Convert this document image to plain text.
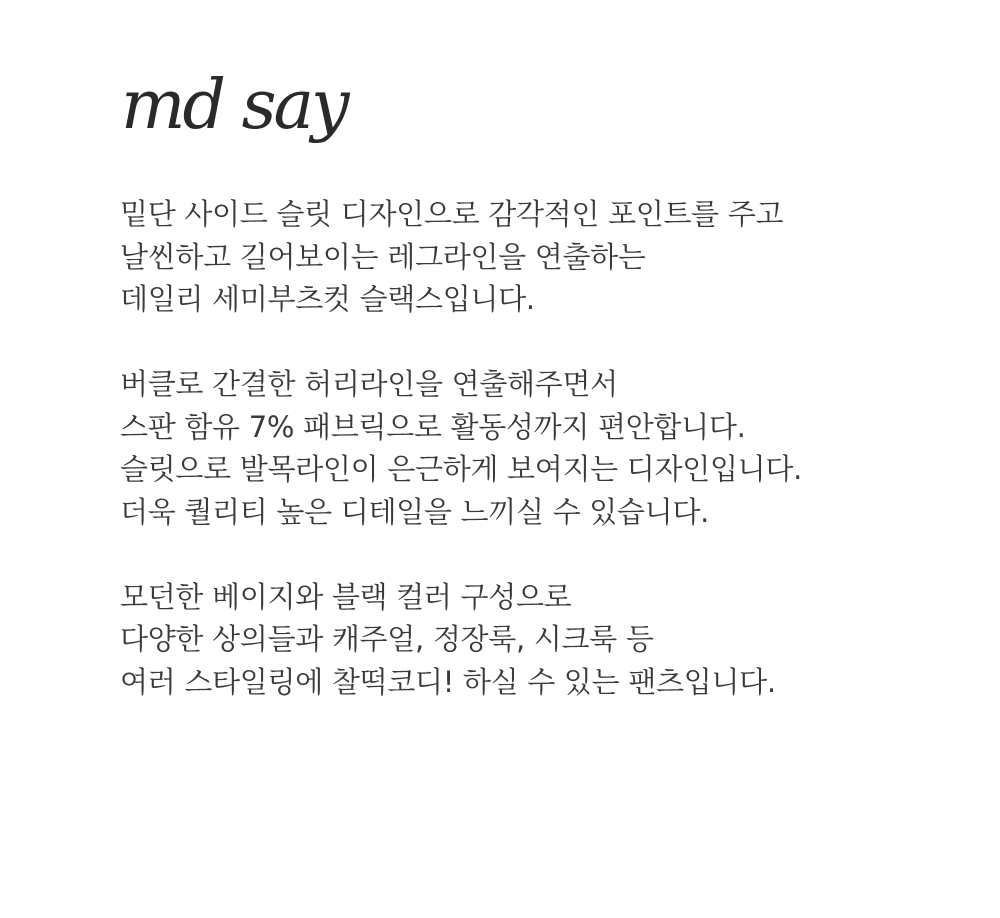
md say

밑단 사이드 슬릿 디자인으로 감각적인 포인트를 주고
날씬하고 길어보이는 레그라인을 연출하는
데일리 세미부츠컷 슬랙스입니다.

버클로 간결한 허리라인을 연출해주면서
스판 함유 7% 패브릭으로 활동성까지 편안합니다.
슬릿으로 발목라인이 은근하게 보여지는 디자인입니다.
더욱 퀄리티 높은 디테일을 느끼실 수 있습니다.

모던한 베이지와 블랙 컬러 구성으로
다양한 상의들과 캐주얼, 정장룩, 시크룩 등
여러 스타일링에 찰떡코디! 하실 수 있는 팬츠입니다.
